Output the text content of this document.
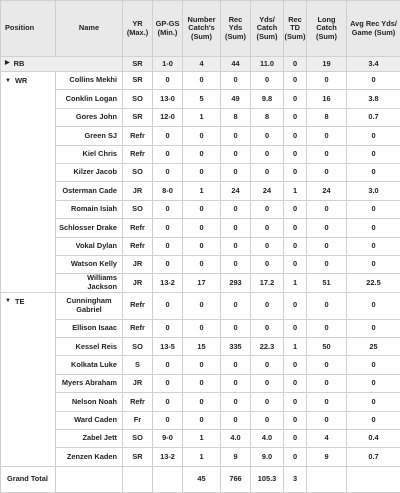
Position	Name	YR (Max.)	GP-GS (Min.)	Number Catch's (Sum)	Rec Yds (Sum)	Yds/ Catch (Sum)	Rec TD (Sum)	Long Catch (Sum)	Avg Rec Yds/ Game (Sum)
▶ RB		SR	1-0	4	44	11.0	0	19	3.4
▼ WR	Collins Mekhi	SR	0	0	0	0	0	0	0
	Conklin Logan	SO	13-0	5	49	9.8	0	16	3.8
	Gores John	SR	12-0	1	8	8	0	8	0.7
	Green SJ	Refr	0	0	0	0	0	0	0
	Kiel Chris	Refr	0	0	0	0	0	0	0
	Kilzer Jacob	SO	0	0	0	0	0	0	0
	Osterman Cade	JR	8-0	1	24	24	1	24	3.0
	Romain Isiah	SO	0	0	0	0	0	0	0
	Schlosser Drake	Refr	0	0	0	0	0	0	0
	Vokal Dylan	Refr	0	0	0	0	0	0	0
	Watson Kelly	JR	0	0	0	0	0	0	0
	Williams Jackson	JR	13-2	17	293	17.2	1	51	22.5
▼ TE	Cunningham Gabriel	Refr	0	0	0	0	0	0	0
	Ellison Isaac	Refr	0	0	0	0	0	0	0
	Kessel Reis	SO	13-5	15	335	22.3	1	50	25
	Kolkata Luke	S	0	0	0	0	0	0	0
	Myers Abraham	JR	0	0	0	0	0	0	0
	Nelson Noah	Refr	0	0	0	0	0	0	0
	Ward Caden	Fr	0	0	0	0	0	0	0
	Zabel Jett	SO	9-0	1	4.0	4.0	0	4	0.4
	Zenzen Kaden	SR	13-2	1	9	9.0	0	9	0.7
Grand Total				45	766	105.3	3		
